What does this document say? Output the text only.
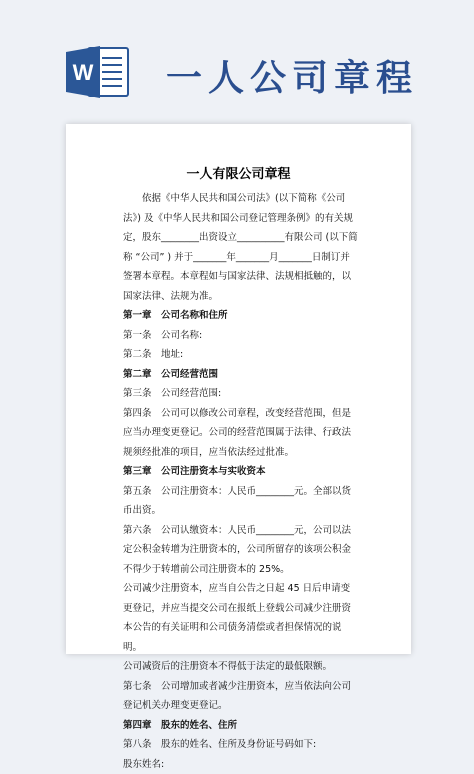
W 一人公司章程
一人有限公司章程

依据《中华人民共和国公司法》(以下简称《公司法》) 及《中华人民共和国公司登记管理条例》的有关规定，股东________出资设立__________有限公司 (以下简称 “公司” ) 并于_______年_______月_______日制订并签署本章程。本章程如与国家法律、法规相抵触的，以国家法律、法规为准。

第一章　公司名称和住所

第一条　公司名称:

第二条　地址:

第二章　公司经营范围

第三条　公司经营范围:

第四条　公司可以修改公司章程，改变经营范围，但是应当办理变更登记。公司的经营范围属于法律、行政法规须经批准的项目，应当依法经过批准。

第三章　公司注册资本与实收资本

第五条　公司注册资本：人民币________元。全部以货币出资。

第六条　公司认缴资本：人民币________元，公司以法定公积金转增为注册资本的，公司所留存的该项公积金不得少于转增前公司注册资本的 25%。

公司减少注册资本，应当自公告之日起 45 日后申请变更登记，并应当提交公司在报纸上登载公司减少注册资本公告的有关证明和公司债务清偿或者担保情况的说明。

公司减资后的注册资本不得低于法定的最低限额。

第七条　公司增加或者减少注册资本，应当依法向公司登记机关办理变更登记。

第四章　股东的姓名、住所

第八条　股东的姓名、住所及身份证号码如下:

股东姓名:
